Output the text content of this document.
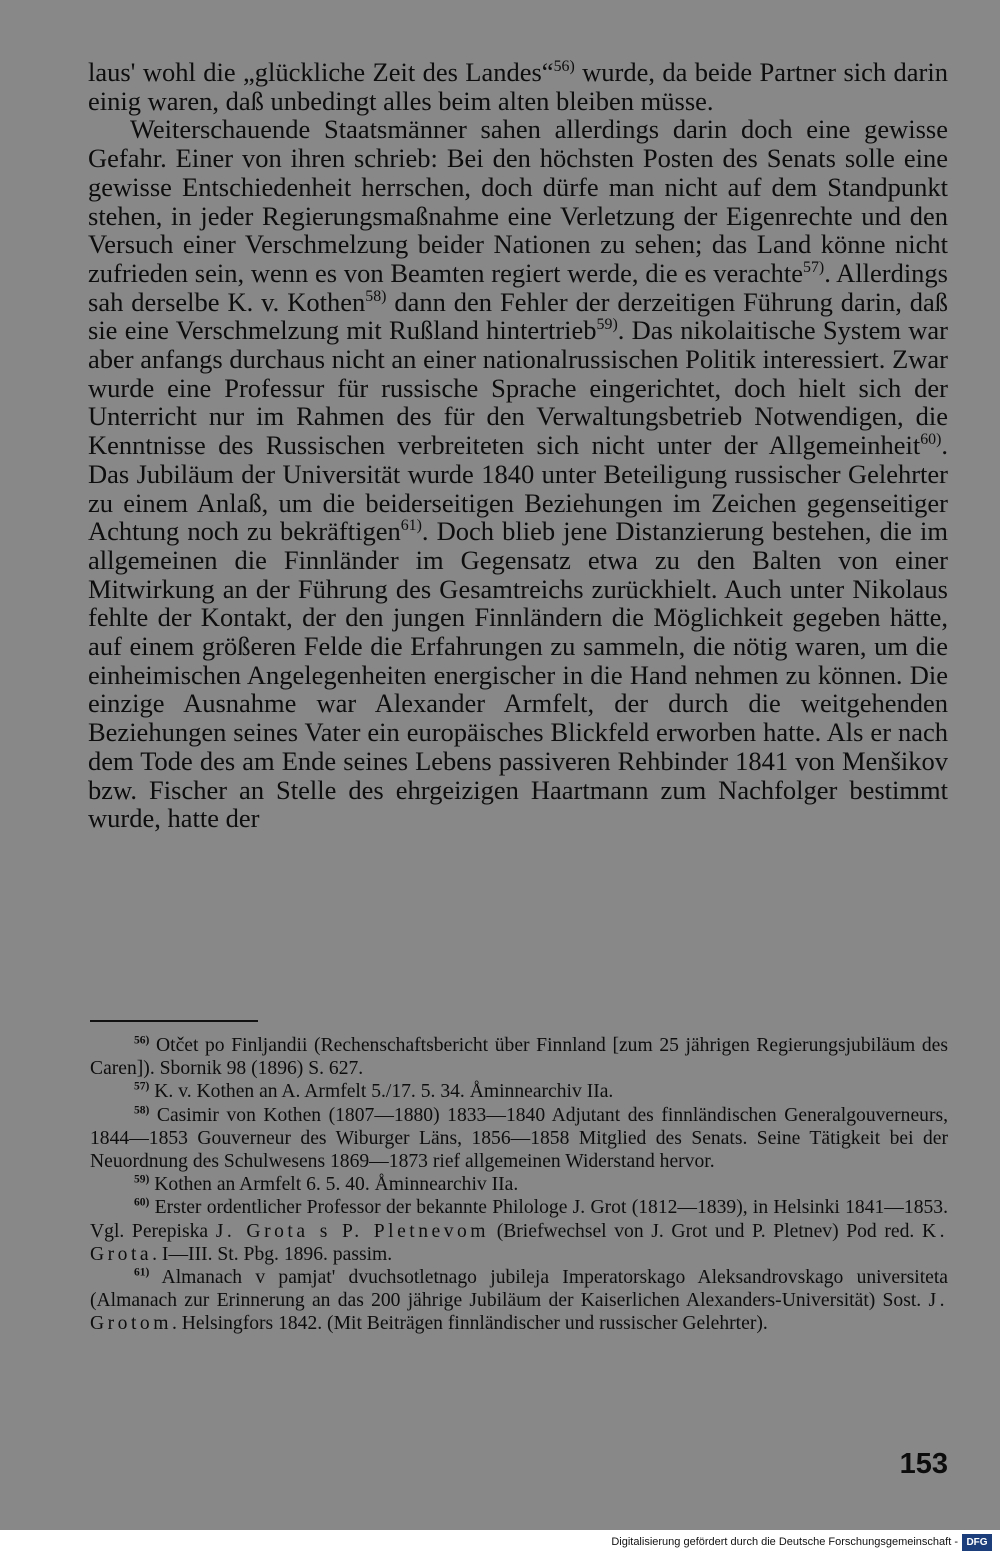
laus' wohl die „glückliche Zeit des Landes“$^{56)}$ wurde, da beide Partner sich darin einig waren, daß unbedingt alles beim alten bleiben müsse.

Weiterschauende Staatsmänner sahen allerdings darin doch eine gewisse Gefahr. Einer von ihren schrieb: Bei den höchsten Posten des Senats solle eine gewisse Entschiedenheit herrschen, doch dürfe man nicht auf dem Standpunkt stehen, in jeder Regierungsmaßnahme eine Verletzung der Eigenrechte und den Versuch einer Verschmelzung beider Nationen zu sehen; das Land könne nicht zufrieden sein, wenn es von Beamten regiert werde, die es verachte$^{57)}$. Allerdings sah derselbe K. v. Kothen$^{58)}$ dann den Fehler der derzeitigen Führung darin, daß sie eine Verschmelzung mit Rußland hintertrieb$^{59)}$. Das nikolaitische System war aber anfangs durchaus nicht an einer nationalrussischen Politik interessiert. Zwar wurde eine Professur für russische Sprache eingerichtet, doch hielt sich der Unterricht nur im Rahmen des für den Verwaltungsbetrieb Notwendigen, die Kenntnisse des Russischen verbreiteten sich nicht unter der Allgemeinheit$^{60)}$. Das Jubiläum der Universität wurde 1840 unter Beteiligung russischer Gelehrter zu einem Anlaß, um die beiderseitigen Beziehungen im Zeichen gegenseitiger Achtung noch zu bekräftigen$^{61)}$. Doch blieb jene Distanzierung bestehen, die im allgemeinen die Finnländer im Gegensatz etwa zu den Balten von einer Mitwirkung an der Führung des Gesamtreichs zurückhielt. Auch unter Nikolaus fehlte der Kontakt, der den jungen Finnländern die Möglichkeit gegeben hätte, auf einem größeren Felde die Erfahrungen zu sammeln, die nötig waren, um die einheimischen Angelegenheiten energischer in die Hand nehmen zu können. Die einzige Ausnahme war Alexander Armfelt, der durch die weitgehenden Beziehungen seines Vater ein europäisches Blickfeld erworben hatte. Als er nach dem Tode des am Ende seines Lebens passiveren Rehbinder 1841 von Menšikov bzw. Fischer an Stelle des ehrgeizigen Haartmann zum Nachfolger bestimmt wurde, hatte der

$^{56)}$ Otčet po Finljandii (Rechenschaftsbericht über Finnland [zum 25 jährigen Regierungsjubiläum des Caren]). Sbornik 98 (1896) S. 627.

$^{57)}$ K. v. Kothen an A. Armfelt 5./17. 5. 34. Åminnearchiv IIa.

$^{58)}$ Casimir von Kothen (1807—1880) 1833—1840 Adjutant des finnländischen Generalgouverneurs, 1844—1853 Gouverneur des Wiburger Läns, 1856—1858 Mitglied des Senats. Seine Tätigkeit bei der Neuordnung des Schulwesens 1869—1873 rief allgemeinen Widerstand hervor.

$^{59)}$ Kothen an Armfelt 6. 5. 40. Åminnearchiv IIa.

$^{60)}$ Erster ordentlicher Professor der bekannte Philologe J. Grot (1812—1839), in Helsinki 1841—1853. Vgl. Perepiska J. Grota s P. Pletnevom (Briefwechsel von J. Grot und P. Pletnev) Pod red. K. Grota. I—III. St. Pbg. 1896. passim.

$^{61)}$ Almanach v pamjat' dvuchsotletnago jubileja Imperatorskago Aleksandrovskago universiteta (Almanach zur Erinnerung an das 200 jährige Jubiläum der Kaiserlichen Alexanders-Universität) Sost. J. Grotom. Helsingfors 1842. (Mit Beiträgen finnländischer und russischer Gelehrter).

153
Digitalisierung gefördert durch die Deutsche Forschungsgemeinschaft - DFG
